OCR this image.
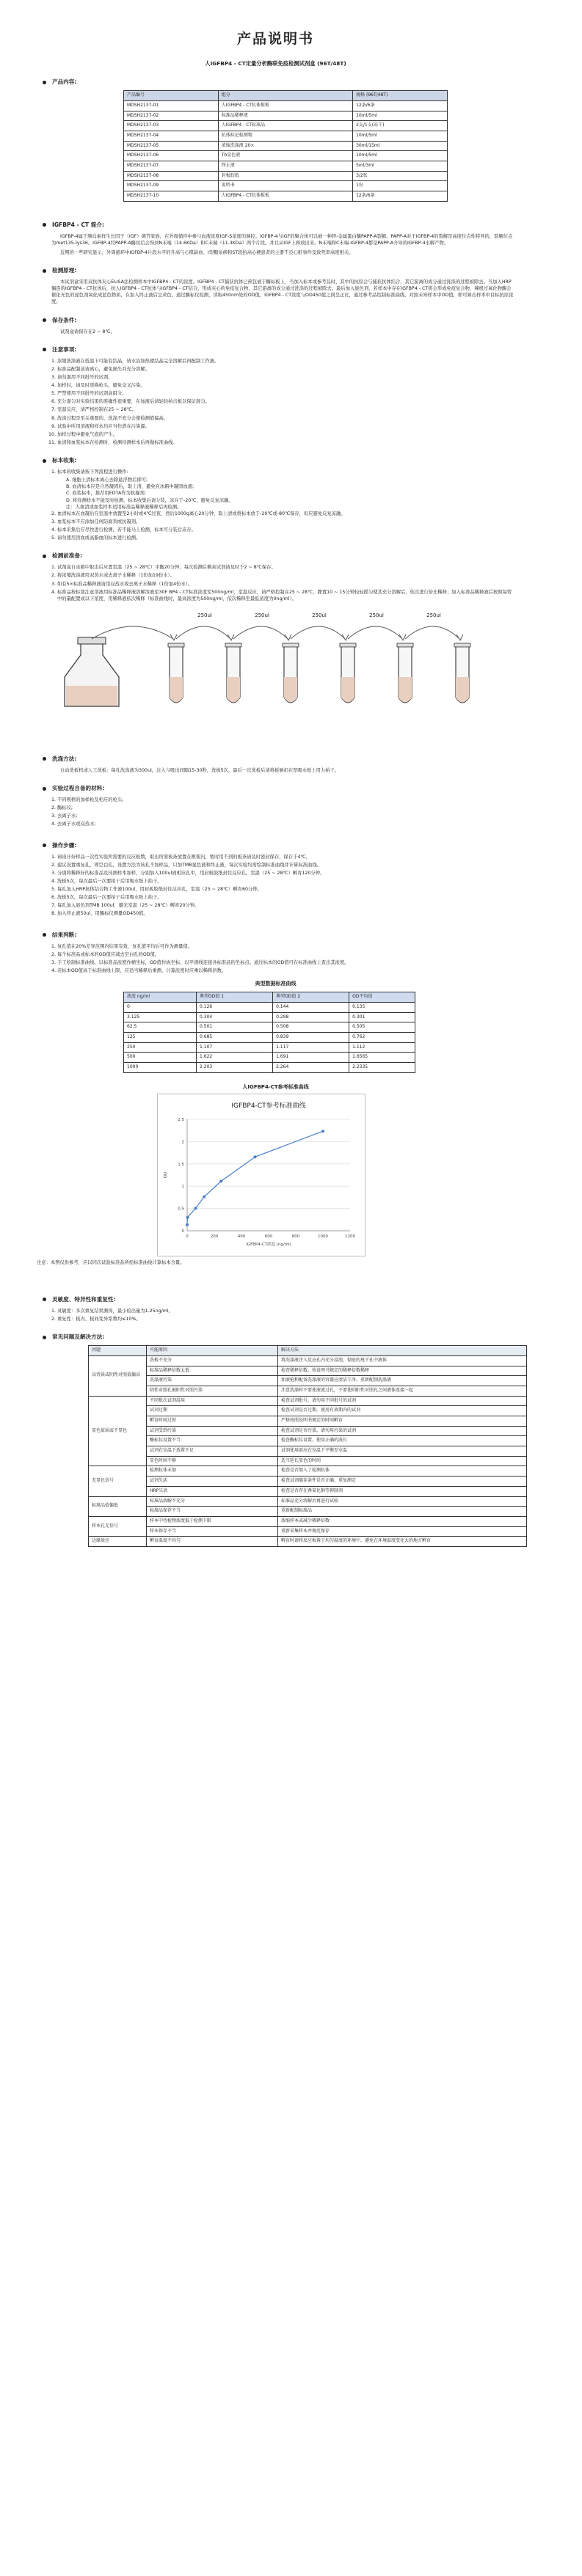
产品说明书
人IGFBP4 - CT定量分析酶联免疫检测试剂盒 (96T/48T)
产品内容:
产品编号	组分	规格 (96T/48T)
MDSH2137-01	人IGFBP4 - CT抗体板板	12条/6条
MDSH2137-02	标准品稀释液	10ml/5ml
MDSH2137-03	人IGFBP4 - CT标准品	2支/1支(冻干)
MDSH2137-04	抗体标记检测物	10ml/5ml
MDSH2137-05	浓缩洗涤液 20×	30ml/15ml
MDSH2137-06	Tb显色液	10ml/5ml
MDSH2137-07	终止液	5ml/3ml
MDSH2137-08	封板胶纸	3/2张
MDSH2137-09	说明书	1份
MDSH2137-10	人IGFBP4 - CT抗体板板	12条/6条
IGFBP4 - CT 简介:

IGFBP-4属于胰岛素样生长因子（IGF）调节家族，在外周循环中参与血液浓度IGF-S浓度的调控。IGFBP-4与IGF的聚合体可以被一种锌-金属蛋白酶PAPP-A裂解。PAPP-A对于IGFBP-4的裂解是高度位点性特异的，裂解位点为met135-lys36。IGFBP-4经PAPP-A酶切后会得到N末端（14.6KDa）和C末端（11.3KDa）两个片段。并且从IGF上释放出来。N末端和C末端-IGFBP-4都是PAPP-A介导的IGFBP-4水解产物。

近期的一些研究显示，外周循环中IGFBP-4片段水平的升高与心肌缺血、Ⅰ型糖尿病和ST段抬高心梗患者的主要不良心脏事件及致死率高度相关。

检测原理:

本试剂盒采用双抗体夹心ELISA法检测样本中IGFBP4 - CT的浓度。IGFBP4 - CT捕获抗体已预包被于酶标板上，当加入标本或参考品时，其中的抗原会与捕获抗体结合，其它游离的成分通过洗涤的过程被除去。当加入HRP偶连的IGFBP4 - CT抗体后，抗人IGFBP4 - CT抗体与IGFBP4 - CT结合，形成夹心的免疫复合物，其它游离的成分通过洗涤的过程被除去。最后加入显色剂，若样本中存在IGFBP4 - CT将会形成免疫复合物，辣根过氧化物酶会催化无色的显色剂氧化成蓝色物质，在加入终止液后呈黄色。通过酶标仪检测，读取450nm处的OD值，IGFBP4 - CT浓度与OD450值之间呈正比，通过参考品绘制标准曲线，对照未知样本中OD值，即可算出样本中目标抗原浓度。

保存条件:

试剂盒请保存在2 ~ 8℃。

注意事项:
1. 浓缩洗涤液在低温下可能有结晶，请水浴加热使结晶完全溶解后再配制工作液。
2. 标准品配制前请离心，避免损失并充分溶解。
3. 请勿混用不同批号的试剂。
4. 加样时，请及时更换枪头，避免交叉污染。
5. 严禁使用不同批号的试剂盒组分。
6. 充分混匀对实验结果的准确性很重要，在加液后请轻轻拍击板以保证混匀。
7. 室温反应，请严格控制在25 ~ 28℃。
8. 洗涤过程是至关重要的，洗涤不充分会使检测值偏高。
9. 试验中所用溶液和样本均应当作潜在污染源。
10. 加样过程中避免气泡的产生。
11. 血清和血浆标本在检测时，检测待测样本后再做标准曲线。
标本收集:
1. 标本的收集请按下列流程进行操作:
A. 细胞上清标本离心去除悬浮物后即可;
B. 血清标本应是自然凝固后，取上清，避免在冰箱中凝固血液;
C. 血浆标本，推荐用EDTA作为抗凝剂;
D. 将待测样本不能及时检测，标本收集后请分装，冻存于-20℃，避免反复冻融。
注：人血清或血浆样本适用标准品稀释液稀释后再检测。
2. 血清标本在血凝后在室温中放置至2小时或4℃过夜，然后1000g离心20分钟，取上清或将标本放于-20℃或-80℃保存，但应避免反复冻融。
3. 血浆标本不应添加任何防腐剂或抗凝剂。
4. 标本采集后应尽快进行检测，若不能马上检测，标本可分装后冻存。
5. 请勿使用溶血或高脂血的标本进行检测。
检测前准备:
1. 试剂盒自冰箱中取出后应置室温（25 ~ 28℃）平衡20分钟；每次检测后剩余试剂请及时于2 ~ 8℃保存。
2. 将浓缩洗涤液用双蒸水或去离子水稀释（1份加19份水）。
3. 如有5×标准品稀释液请用双蒸水或去离子水稀释（1份加4份水）。
4. 标准品按标签注意溶液用标准品稀释液溶解溶液至30F BP4 - CT标准浓度至500ng/ml，室温反应，请严格控制在25 ~ 28℃，静置10 ~ 15分钟轻轻摇匀使其充分溶解后，依次进行倍比稀释；加入标准品稀释液后按照每管中的量配置成以下浓度，用稀释液依次稀释（标准曲线时，最高浓度为500ng/ml，依次稀释至最低浓度为0ng/ml）。
250ul	250ul	250ul	250ul	250ul
洗涤方法:

自动洗板机或人工洗板：每孔洗涤液为300ul，注入与吸出间隔15-30秒，洗板5次，最后一次洗板后请将板倒扣在厚吸水纸上用力拍干。

实验过程自备的材料:
1. 不同规格的加样枪及相应的枪头;
2. 酶标仪;
3. 去离子水;
4. 去离子水或双蒸水;
操作步骤:
1. 请设计好样品一次性实验所需要的反应板数，取出所需板条放置在框架内，暂时用不到的板条请及时密封保存，保存于4℃。
2. 建议设置重复孔，即空白孔，设置方法为该孔不加样品，只加TMB显色液和终止液，每次实验均需绘制标准曲线并计算标准曲线。
3. 分别将稀释好的标准品及待测样本加样，分别加入100ul到相应孔中，用封板胶纸封住反应孔，室温（25 ~ 28℃）孵育120分钟。
4. 洗板5次，每次最后一次要拍干后用吸水纸上拍干。
5. 每孔加入HRP抗体结合物工作液100ul，用封板胶纸封住反应孔，室温（25 ~ 28℃）孵育60分钟。
6. 洗板5次，每次最后一次要拍干后用吸水纸上拍干。
7. 每孔加入显色剂TMB 100ul，避光室温（25 ~ 28℃）孵育20分钟。
8. 加入终止液50ul，用酶标仪测量OD450值。
结果判断:
1. 复孔值在20%差异范围内结果有效，复孔值平均后可作为测量值。
2. 每个标准品或标本的OD值应减去空白孔的OD值。
3. 手工绘制标准曲线。以标准品浓度作横坐标，OD值作纵坐标，以平滑线连接各标准品的坐标点。通过标本的OD值可在标准曲线上查出其浓度。
4. 若标本OD值高于标准曲线上限，应适当稀释后重测，计算浓度时应乘以稀释倍数。
典型数据标准曲线
浓度 ng/ml	典型OD值 1	典型OD值 2	OD平均值
0	0.126	0.144	0.135
3.125	0.304	0.298	0.301
62.5	0.501	0.508	0.505
125	0.685	0.839	0.762
250	1.107	1.117	1.112
500	1.622	1.691	1.6565
1000	2.203	2.264	2.2335
人IGFBP4-CT参考标准曲线
IGFBP4-CT参考标准曲线
0
0.5
1
1.5
2
2.5
0	200	400	600	800	1000	1200
IGFBP4-CT浓度 (ng/ml)
OD
注意：本图仅供参考，应以同次试验标准品所绘标准曲线计算标本含量。
灵敏度、特异性和重复性:
1. 灵敏度：多次重复结果测得，最小检出量为1.25ng/ml。
2. 重复性：板内、板间变异系数均≤10%。
常见问题及解决方法:
问题	可能原因	解决方法
高背景或阴性对照值偏高	洗板不充分	将洗涤液注入反应孔内充分浸泡，彻底的甩干孔中液体
	标准品稀释倍数太低	检查稀释倍数，按说明书规定的稀释倍数稀释
	洗涤液污染	加液枪和配备洗涤液的容器应清洁干净，重新配制洗涤液
	阴性对照孔被阳性对照污染	注意洗涤时不要使液流过孔，不要使阴阳性对照孔之间液体连接一起
显色值弱或不显色	不同批次试剂混用	检查试剂批号，请勿用不同批号的试剂
	试剂过期	检查试剂是否过期，使用有效期内的试剂
	孵育时间过短	严格按照说明书规定的时间孵育
	试剂受到污染	检查试剂是否污染，请勿用污染的试剂
	酶标仪设置不当	检查酶标仪设置，使用正确的波长
	试剂在室温下放置不足	试剂使用前应在室温下平衡至室温
	显色时间不够	适当延长显色的时间
无显色信号	检测抗体未加	检查是否加入了检测抗体
	试剂失活	检查试剂储存条件是否正确，重复测定
	HRP失活	检查是否存在叠氮化钠等抑制剂
标准品值偏低	标准品溶解不充分	标准品充分溶解后再进行试验
	标准品保存不当	重新配制标准品
样本孔无信号	样本中待检物浓度低于检测下限	浓缩样本或减少稀释倍数
	样本保存不当	重新采集样本并规范保存
边缘效应	孵育温度不均匀	孵育时请将反应板置于均匀温度的环境中，避免在环境温度变化大的地方孵育
